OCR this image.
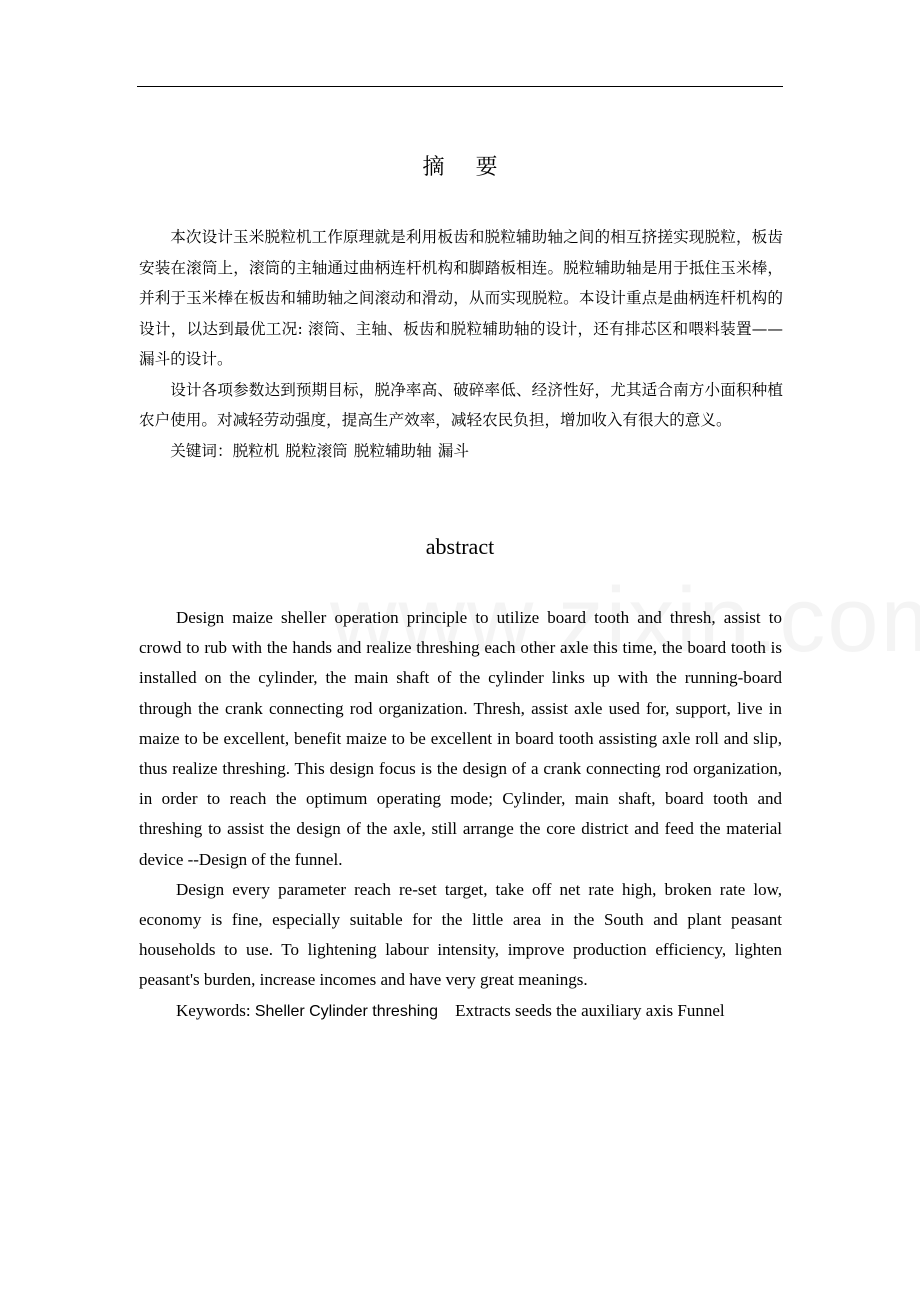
摘 要

本次设计玉米脱粒机工作原理就是利用板齿和脱粒辅助轴之间的相互挤搓实现脱粒，板齿安装在滚筒上，滚筒的主轴通过曲柄连杆机构和脚踏板相连。脱粒辅助轴是用于抵住玉米棒，并利于玉米棒在板齿和辅助轴之间滚动和滑动，从而实现脱粒。本设计重点是曲柄连杆机构的设计，以达到最优工况: 滚筒、主轴、板齿和脱粒辅助轴的设计，还有排芯区和喂料装置——漏斗的设计。

设计各项参数达到预期目标，脱净率高、破碎率低、经济性好，尤其适合南方小面积种植农户使用。对减轻劳动强度，提高生产效率，减轻农民负担，增加收入有很大的意义。

关键词：脱粒机 脱粒滚筒 脱粒辅助轴 漏斗

abstract

Design maize sheller operation principle to utilize board tooth and thresh, assist to crowd to rub with the hands and realize threshing each other axle this time, the board tooth is installed on the cylinder, the main shaft of the cylinder links up with the running-board through the crank connecting rod organization. Thresh, assist axle used for, support, live in maize to be excellent, benefit maize to be excellent in board tooth assisting axle roll and slip, thus realize threshing. This design focus is the design of a crank connecting rod organization, in order to reach the optimum operating mode; Cylinder, main shaft, board tooth and threshing to assist the design of the axle, still arrange the core district and feed the material device --Design of the funnel.

Design every parameter reach re-set target, take off net rate high, broken rate low, economy is fine, especially suitable for the little area in the South and plant peasant households to use. To lightening labour intensity, improve production efficiency, lighten peasant's burden, increase incomes and have very great meanings.

Keywords: Sheller Cylinder threshing Extracts seeds the auxiliary axis Funnel
